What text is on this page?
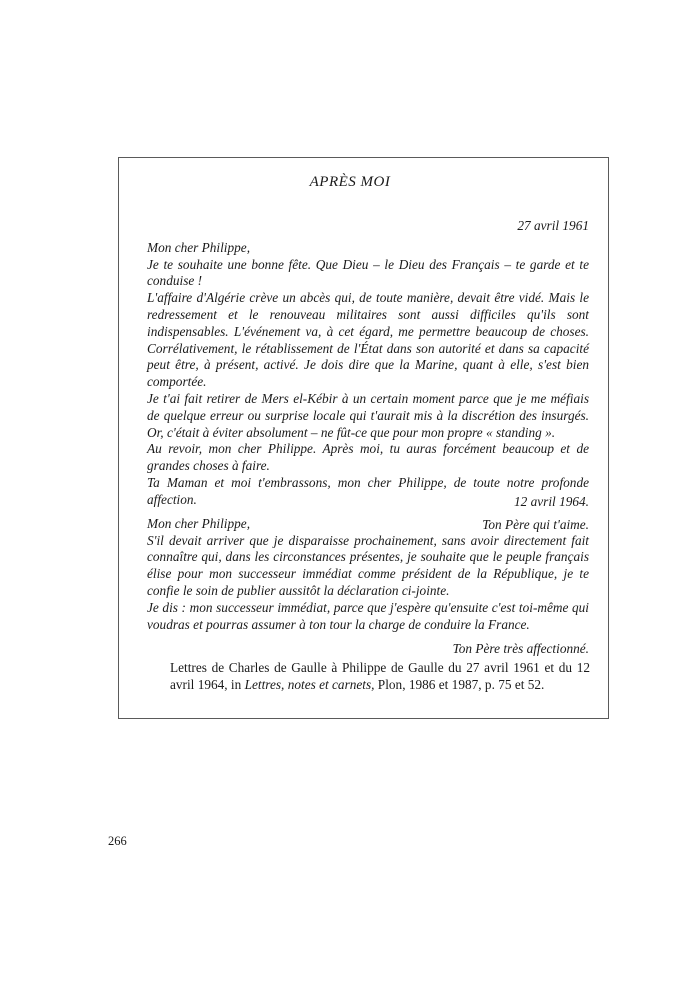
APRÈS MOI

27 avril 1961

Mon cher Philippe,

Je te souhaite une bonne fête. Que Dieu – le Dieu des Français – te garde et te conduise !

L'affaire d'Algérie crève un abcès qui, de toute manière, devait être vidé. Mais le redressement et le renouveau militaires sont aussi difficiles qu'ils sont indispensables. L'événement va, à cet égard, me permettre beaucoup de choses. Corrélativement, le rétablissement de l'État dans son autorité et dans sa capacité peut être, à présent, activé. Je dois dire que la Marine, quant à elle, s'est bien comportée.

Je t'ai fait retirer de Mers el-Kébir à un certain moment parce que je me méfiais de quelque erreur ou surprise locale qui t'aurait mis à la discrétion des insurgés. Or, c'était à éviter absolument – ne fût-ce que pour mon propre « standing ».

Au revoir, mon cher Philippe. Après moi, tu auras forcément beaucoup et de grandes choses à faire.

Ta Maman et moi t'embrassons, mon cher Philippe, de toute notre profonde affection.

Ton Père qui t'aime.

12 avril 1964.

Mon cher Philippe,

S'il devait arriver que je disparaisse prochainement, sans avoir directement fait connaître qui, dans les circonstances présentes, je souhaite que le peuple français élise pour mon successeur immédiat comme président de la République, je te confie le soin de publier aussitôt la déclaration ci-jointe.

Je dis : mon successeur immédiat, parce que j'espère qu'ensuite c'est toi-même qui voudras et pourras assumer à ton tour la charge de conduire la France.

Ton Père très affectionné.

Lettres de Charles de Gaulle à Philippe de Gaulle du 27 avril 1961 et du 12 avril 1964, in Lettres, notes et carnets, Plon, 1986 et 1987, p. 75 et 52.

266
